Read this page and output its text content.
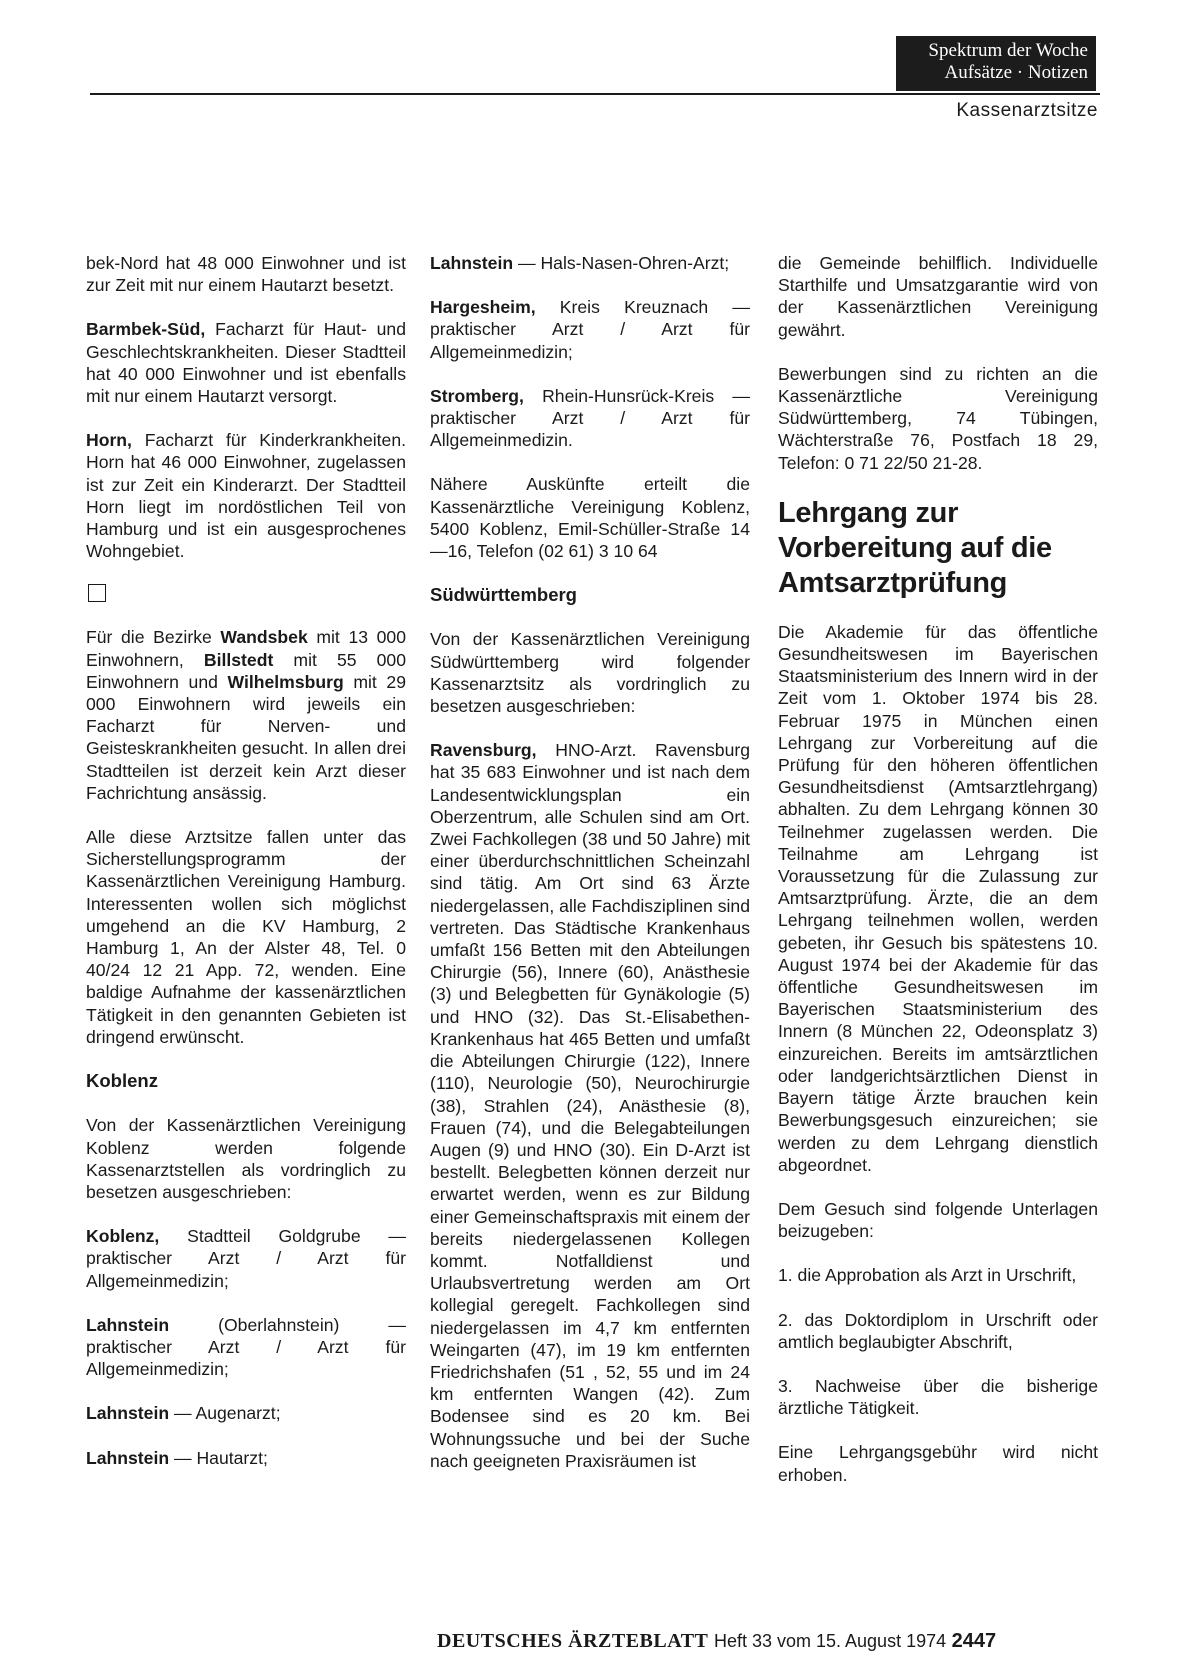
Spektrum der Woche
Aufsätze · Notizen
Kassenarztsitze

bek-Nord hat 48 000 Einwohner und ist zur Zeit mit nur einem Hautarzt besetzt.

Barmbek-Süd, Facharzt für Haut- und Geschlechtskrankheiten. Dieser Stadtteil hat 40 000 Einwohner und ist ebenfalls mit nur einem Hautarzt versorgt.

Horn, Facharzt für Kinderkrankheiten. Horn hat 46 000 Einwohner, zugelassen ist zur Zeit ein Kinderarzt. Der Stadtteil Horn liegt im nordöstlichen Teil von Hamburg und ist ein ausgesprochenes Wohngebiet.

Für die Bezirke Wandsbek mit 13 000 Einwohnern, Billstedt mit 55 000 Einwohnern und Wilhelmsburg mit 29 000 Einwohnern wird jeweils ein Facharzt für Nerven- und Geisteskrankheiten gesucht. In allen drei Stadtteilen ist derzeit kein Arzt dieser Fachrichtung ansässig.

Alle diese Arztsitze fallen unter das Sicherstellungsprogramm der Kassenärztlichen Vereinigung Hamburg. Interessenten wollen sich möglichst umgehend an die KV Hamburg, 2 Hamburg 1, An der Alster 48, Tel. 0 40/24 12 21 App. 72, wenden. Eine baldige Aufnahme der kassenärztlichen Tätigkeit in den genannten Gebieten ist dringend erwünscht.

Koblenz

Von der Kassenärztlichen Vereinigung Koblenz werden folgende Kassenarztstellen als vordringlich zu besetzen ausgeschrieben:

Koblenz, Stadtteil Goldgrube — praktischer Arzt / Arzt für Allgemeinmedizin;

Lahnstein (Oberlahnstein) — praktischer Arzt / Arzt für Allgemeinmedizin;

Lahnstein — Augenarzt;

Lahnstein — Hautarzt;

Lahnstein — Hals-Nasen-Ohren-Arzt;

Hargesheim, Kreis Kreuznach — praktischer Arzt / Arzt für Allgemeinmedizin;

Stromberg, Rhein-Hunsrück-Kreis — praktischer Arzt / Arzt für Allgemeinmedizin.

Nähere Auskünfte erteilt die Kassenärztliche Vereinigung Koblenz, 5400 Koblenz, Emil-Schüller-Straße 14—16, Telefon (02 61) 3 10 64

Südwürttemberg

Von der Kassenärztlichen Vereinigung Südwürttemberg wird folgender Kassenarztsitz als vordringlich zu besetzen ausgeschrieben:

Ravensburg, HNO-Arzt. Ravensburg hat 35 683 Einwohner und ist nach dem Landesentwicklungsplan ein Oberzentrum, alle Schulen sind am Ort. Zwei Fachkollegen (38 und 50 Jahre) mit einer überdurchschnittlichen Scheinzahl sind tätig. Am Ort sind 63 Ärzte niedergelassen, alle Fachdisziplinen sind vertreten. Das Städtische Krankenhaus umfaßt 156 Betten mit den Abteilungen Chirurgie (56), Innere (60), Anästhesie (3) und Belegbetten für Gynäkologie (5) und HNO (32). Das St.-Elisabethen-Krankenhaus hat 465 Betten und umfaßt die Abteilungen Chirurgie (122), Innere (110), Neurologie (50), Neurochirurgie (38), Strahlen (24), Anästhesie (8), Frauen (74), und die Belegabteilungen Augen (9) und HNO (30). Ein D-Arzt ist bestellt. Belegbetten können derzeit nur erwartet werden, wenn es zur Bildung einer Gemeinschaftspraxis mit einem der bereits niedergelassenen Kollegen kommt. Notfalldienst und Urlaubsvertretung werden am Ort kollegial geregelt. Fachkollegen sind niedergelassen im 4,7 km entfernten Weingarten (47), im 19 km entfernten Friedrichshafen (51 , 52, 55 und im 24 km entfernten Wangen (42). Zum Bodensee sind es 20 km. Bei Wohnungssuche und bei der Suche nach geeigneten Praxisräumen ist

die Gemeinde behilflich. Individuelle Starthilfe und Umsatzgarantie wird von der Kassenärztlichen Vereinigung gewährt.

Bewerbungen sind zu richten an die Kassenärztliche Vereinigung Südwürttemberg, 74 Tübingen, Wächterstraße 76, Postfach 18 29, Telefon: 0 71 22/50 21-28.

Lehrgang zur Vorbereitung auf die Amtsarztprüfung

Die Akademie für das öffentliche Gesundheitswesen im Bayerischen Staatsministerium des Innern wird in der Zeit vom 1. Oktober 1974 bis 28. Februar 1975 in München einen Lehrgang zur Vorbereitung auf die Prüfung für den höheren öffentlichen Gesundheitsdienst (Amtsarztlehrgang) abhalten. Zu dem Lehrgang können 30 Teilnehmer zugelassen werden. Die Teilnahme am Lehrgang ist Voraussetzung für die Zulassung zur Amtsarztprüfung. Ärzte, die an dem Lehrgang teilnehmen wollen, werden gebeten, ihr Gesuch bis spätestens 10. August 1974 bei der Akademie für das öffentliche Gesundheitswesen im Bayerischen Staatsministerium des Innern (8 München 22, Odeonsplatz 3) einzureichen. Bereits im amtsärztlichen oder landgerichtsärztlichen Dienst in Bayern tätige Ärzte brauchen kein Bewerbungsgesuch einzureichen; sie werden zu dem Lehrgang dienstlich abgeordnet.

Dem Gesuch sind folgende Unterlagen beizugeben:

1. die Approbation als Arzt in Urschrift,

2. das Doktordiplom in Urschrift oder amtlich beglaubigter Abschrift,

3. Nachweise über die bisherige ärztliche Tätigkeit.

Eine Lehrgangsgebühr wird nicht erhoben.

DEUTSCHES ÄRZTEBLATT Heft 33 vom 15. August 1974 2447
